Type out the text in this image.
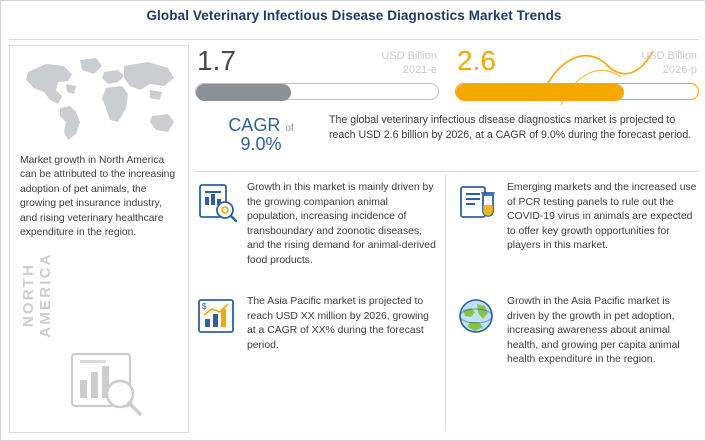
Global Veterinary Infectious Disease Diagnostics Market Trends
Market growth in North America can be attributed to the increasing adoption of pet animals, the growing pet insurance industry, and rising veterinary healthcare expenditure in the region.
NORTH AMERICA
1.7	USD Billion
2021-e 2.6	USD Billion
2026-p
CAGR of
9.0%
The global veterinary infectious disease diagnostics market is projected to reach USD 2.6 billion by 2026, at a CAGR of 9.0% during the forecast period.
Growth in this market is mainly driven by the growing companion animal population, increasing incidence of transboundary and zoonotic diseases, and the rising demand for animal-derived food products.
Emerging markets and the increased use of PCR testing panels to rule out the COVID-19 virus in animals are expected to offer key growth opportunities for players in this market.
$	The Asia Pacific market is projected to reach USD XX million by 2026, growing at a CAGR of XX% during the forecast period.
Growth in the Asia Pacific market is driven by the growth in pet adoption, increasing awareness about animal health, and growing per capita animal health expenditure in the region.
